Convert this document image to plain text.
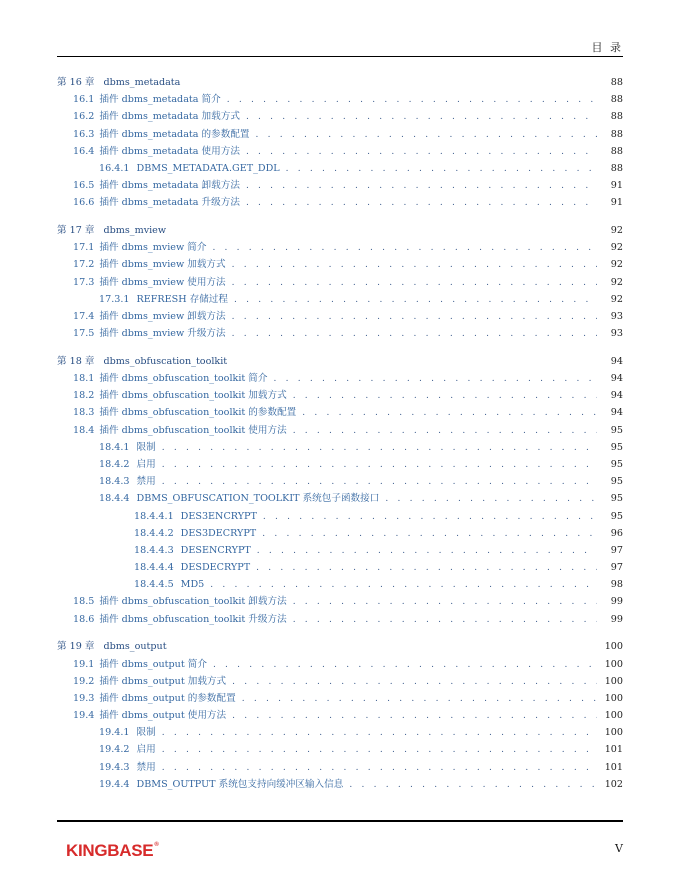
目 录
第 16 章 dbms_metadata	88
16.1 插件 dbms_metadata 简介 . . .	88
16.2 插件 dbms_metadata 加载方式 . . .	88
16.3 插件 dbms_metadata 的参数配置 . . .	88
16.4 插件 dbms_metadata 使用方法 . . .	88
16.4.1 DBMS_METADATA.GET_DDL . . .	88
16.5 插件 dbms_metadata 卸载方法 . . .	91
16.6 插件 dbms_metadata 升级方法 . . .	91
第 17 章 dbms_mview	92
17.1 插件 dbms_mview 简介 . . .	92
17.2 插件 dbms_mview 加载方式 . . .	92
17.3 插件 dbms_mview 使用方法 . . .	92
17.3.1 REFRESH 存储过程 . . .	92
17.4 插件 dbms_mview 卸载方法 . . .	93
17.5 插件 dbms_mview 升级方法 . . .	93
第 18 章 dbms_obfuscation_toolkit	94
18.1 插件 dbms_obfuscation_toolkit 简介 . . .	94
18.2 插件 dbms_obfuscation_toolkit 加载方式 . . .	94
18.3 插件 dbms_obfuscation_toolkit 的参数配置 . . .	94
18.4 插件 dbms_obfuscation_toolkit 使用方法 . . .	95
18.4.1 限制 . . .	95
18.4.2 启用 . . .	95
18.4.3 禁用 . . .	95
18.4.4 DBMS_OBFUSCATION_TOOLKIT 系统包子函数接口 . . .	95
18.4.4.1 DES3ENCRYPT . . .	95
18.4.4.2 DES3DECRYPT . . .	96
18.4.4.3 DESENCRYPT . . .	97
18.4.4.4 DESDECRYPT . . .	97
18.4.4.5 MD5 . . .	98
18.5 插件 dbms_obfuscation_toolkit 卸载方法 . . .	99
18.6 插件 dbms_obfuscation_toolkit 升级方法 . . .	99
第 19 章 dbms_output	100
19.1 插件 dbms_output 简介 . . .	100
19.2 插件 dbms_output 加载方式 . . .	100
19.3 插件 dbms_output 的参数配置 . . .	100
19.4 插件 dbms_output 使用方法 . . .	100
19.4.1 限制 . . .	100
19.4.2 启用 . . .	101
19.4.3 禁用 . . .	101
19.4.4 DBMS_OUTPUT 系统包支持向缓冲区输入信息 . . .	102
KINGBASE ®	V
